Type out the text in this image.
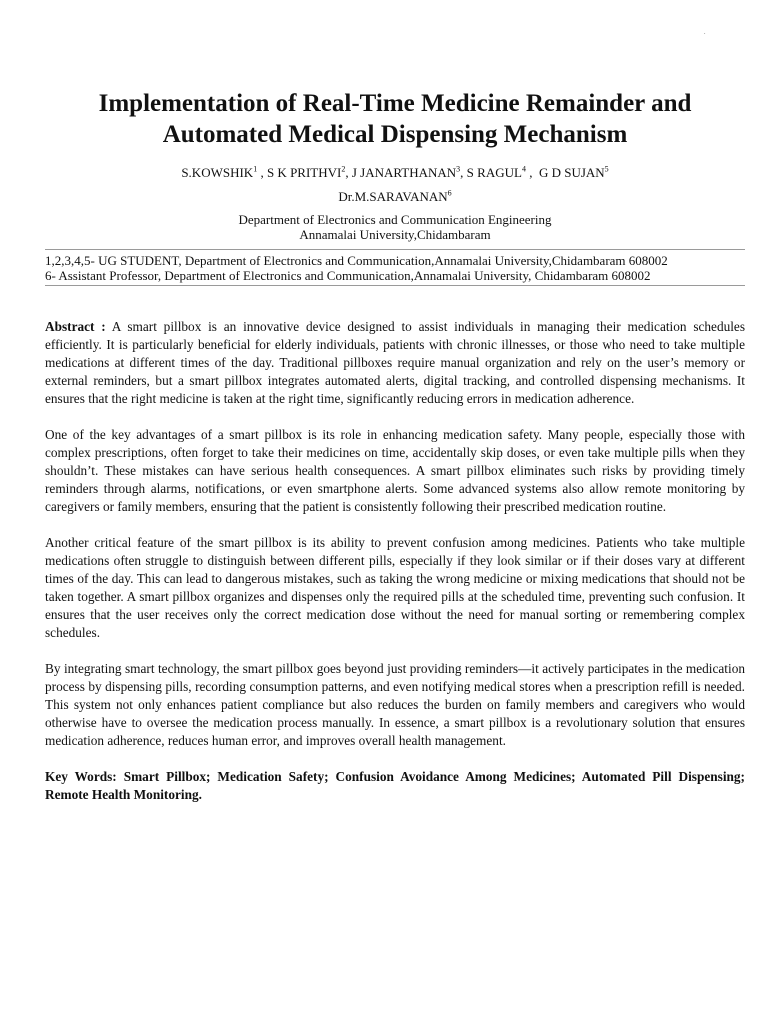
.
Implementation of Real-Time Medicine Remainder and
Automated Medical Dispensing Mechanism
S.KOWSHIK$^1$ , S K PRITHVI$^2$, J JANARTHANAN$^3$, S RAGUL$^4$ ,  G D SUJAN$^5$
Dr.M.SARAVANAN$^6$
Department of Electronics and Communication Engineering
Annamalai University,Chidambaram
1,2,3,4,5- UG STUDENT, Department of Electronics and Communication,Annamalai University,Chidambaram 608002
6- Assistant Professor, Department of Electronics and Communication,Annamalai University, Chidambaram 608002

Abstract : A smart pillbox is an innovative device designed to assist individuals in managing their medication schedules efficiently. It is particularly beneficial for elderly individuals, patients with chronic illnesses, or those who need to take multiple medications at different times of the day. Traditional pillboxes require manual organization and rely on the user’s memory or external reminders, but a smart pillbox integrates automated alerts, digital tracking, and controlled dispensing mechanisms. It ensures that the right medicine is taken at the right time, significantly reducing errors in medication adherence.

One of the key advantages of a smart pillbox is its role in enhancing medication safety. Many people, especially those with complex prescriptions, often forget to take their medicines on time, accidentally skip doses, or even take multiple pills when they shouldn’t. These mistakes can have serious health consequences. A smart pillbox eliminates such risks by providing timely reminders through alarms, notifications, or even smartphone alerts. Some advanced systems also allow remote monitoring by caregivers or family members, ensuring that the patient is consistently following their prescribed medication routine.

Another critical feature of the smart pillbox is its ability to prevent confusion among medicines. Patients who take multiple medications often struggle to distinguish between different pills, especially if they look similar or if their doses vary at different times of the day. This can lead to dangerous mistakes, such as taking the wrong medicine or mixing medications that should not be taken together. A smart pillbox organizes and dispenses only the required pills at the scheduled time, preventing such confusion. It ensures that the user receives only the correct medication dose without the need for manual sorting or remembering complex schedules.

By integrating smart technology, the smart pillbox goes beyond just providing reminders—it actively participates in the medication process by dispensing pills, recording consumption patterns, and even notifying medical stores when a prescription refill is needed. This system not only enhances patient compliance but also reduces the burden on family members and caregivers who would otherwise have to oversee the medication process manually. In essence, a smart pillbox is a revolutionary solution that ensures medication adherence, reduces human error, and improves overall health management.

Key Words: Smart Pillbox; Medication Safety; Confusion Avoidance Among Medicines; Automated Pill Dispensing; Remote Health Monitoring.
